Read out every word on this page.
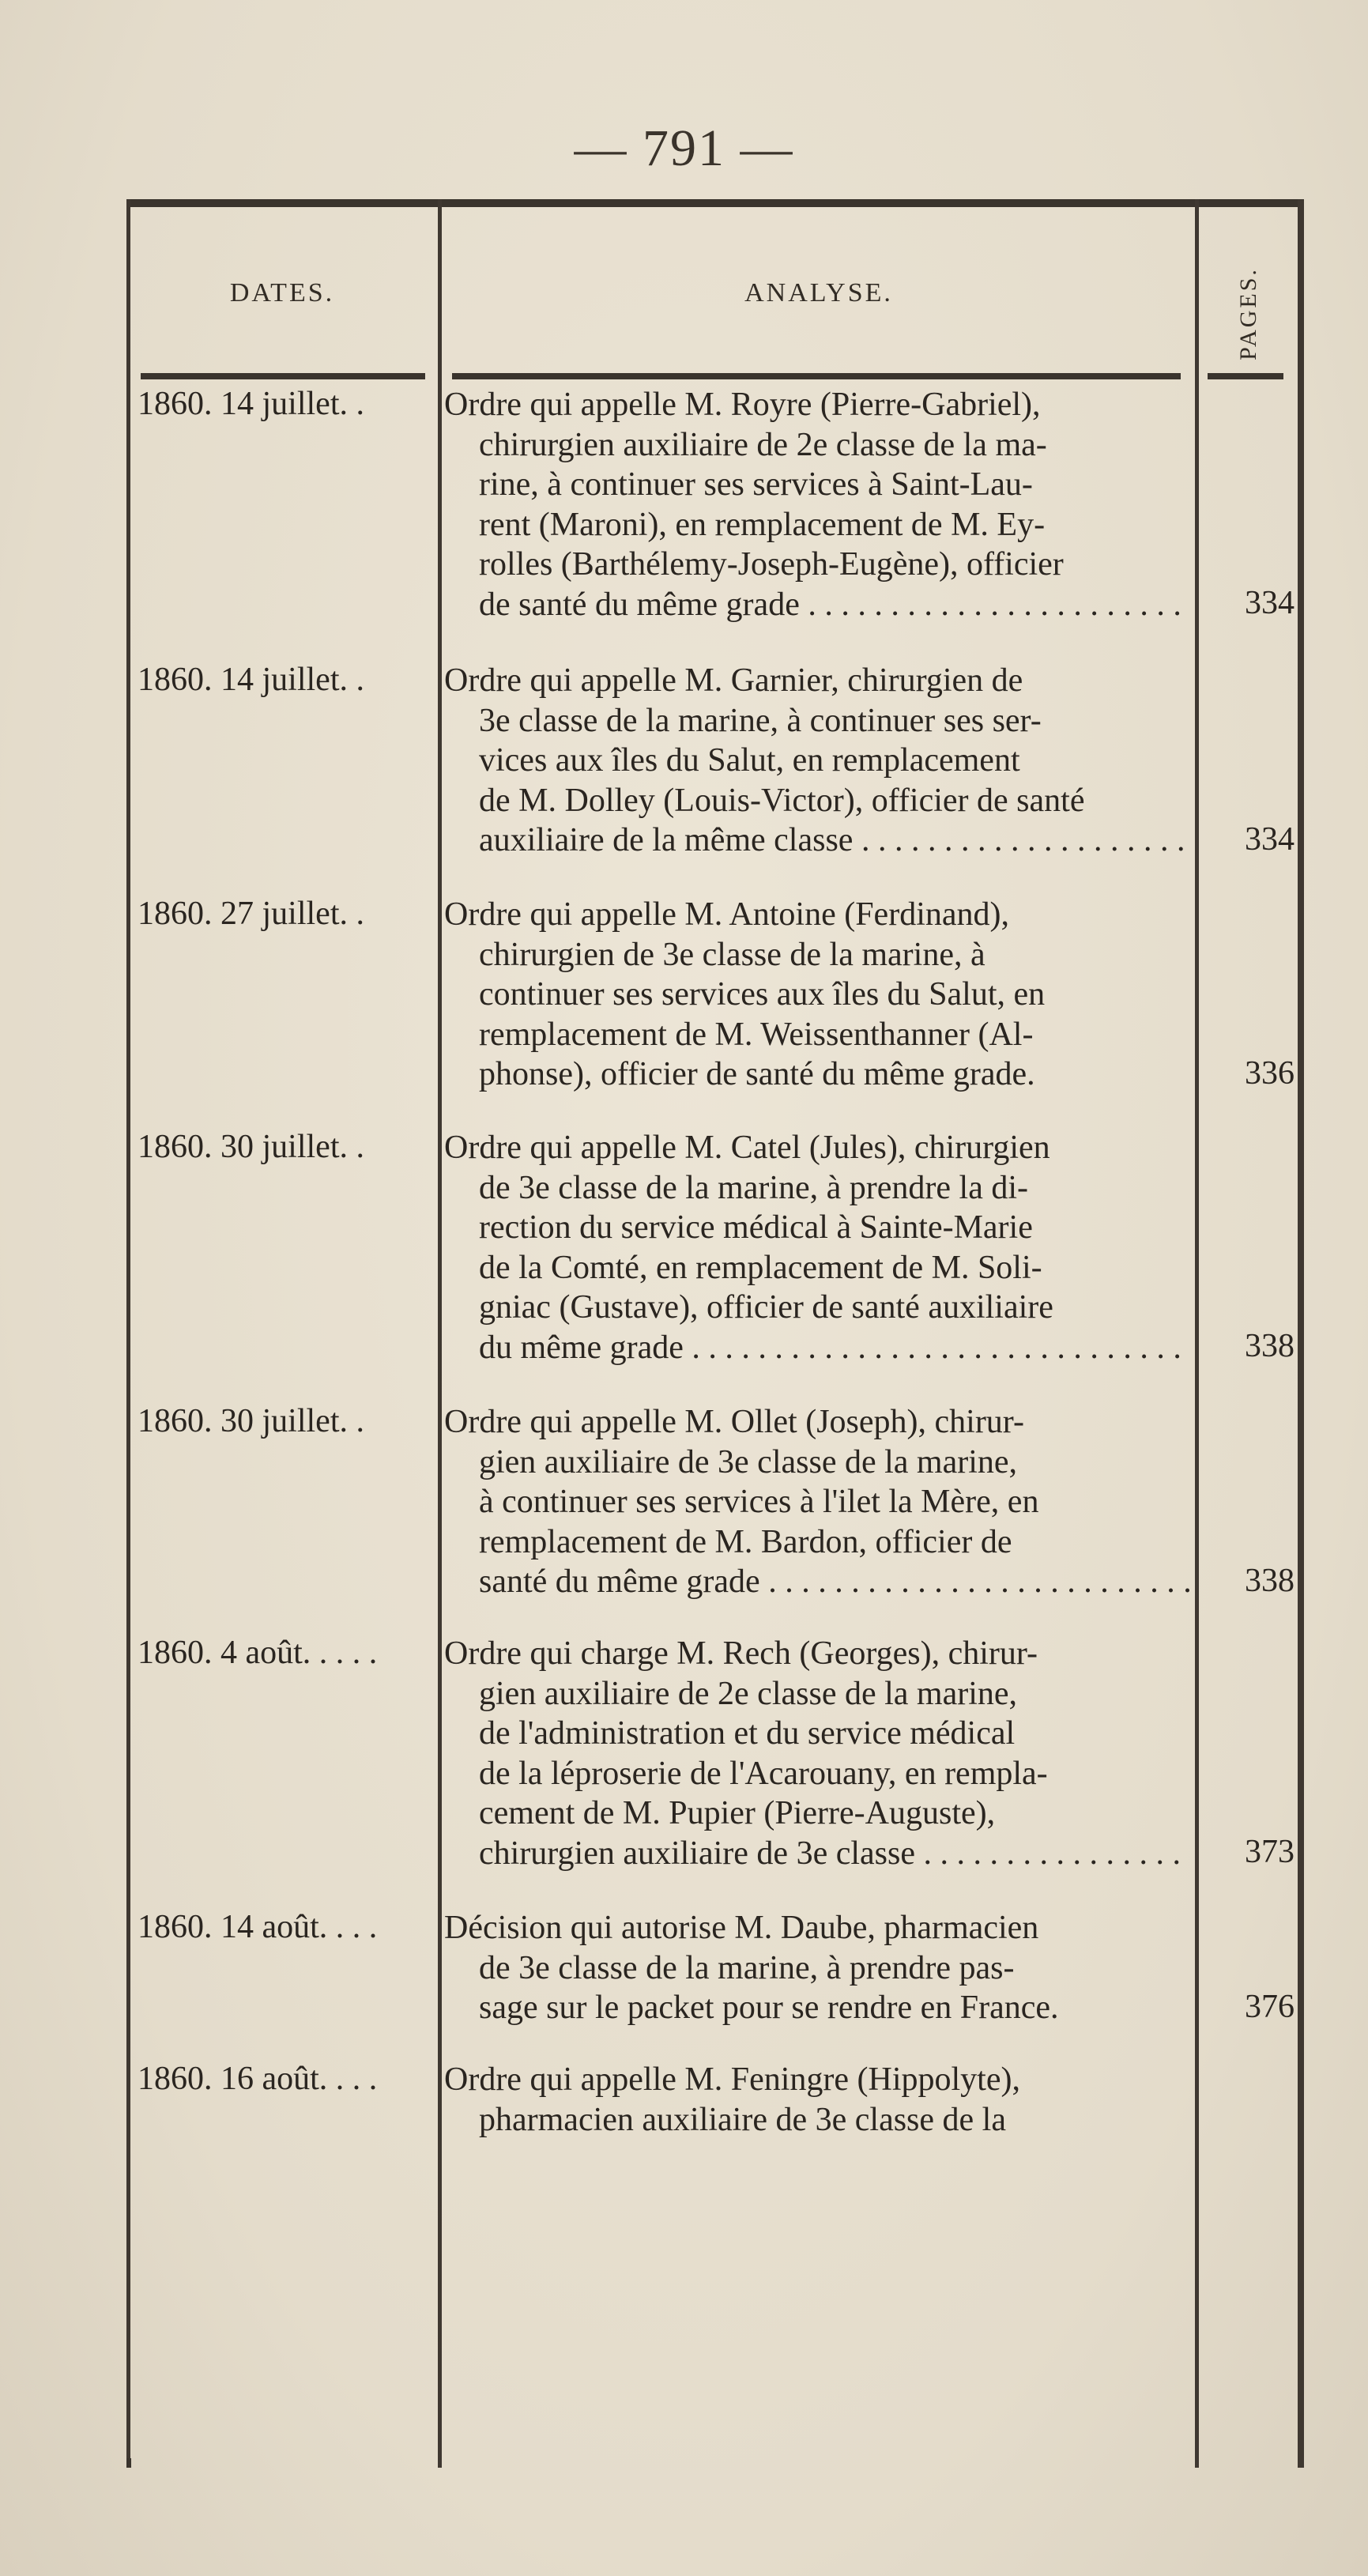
— 791 —
DATES.	ANALYSE.	PAGES.
1860. 14 juillet. .	Ordre qui appelle M. Royre (Pierre-Gabriel),
chirurgien auxiliaire de 2e classe de la ma-
rine, à continuer ses services à Saint-Lau-
rent (Maroni), en remplacement de M. Ey-
rolles (Barthélemy-Joseph-Eugène), officier
de santé du même grade . . .	334
1860. 14 juillet. .	Ordre qui appelle M. Garnier, chirurgien de
3e classe de la marine, à continuer ses ser-
vices aux îles du Salut, en remplacement
de M. Dolley (Louis-Victor), officier de santé
auxiliaire de la même classe . . .	334
1860. 27 juillet. .	Ordre qui appelle M. Antoine (Ferdinand),
chirurgien de 3e classe de la marine, à
continuer ses services aux îles du Salut, en
remplacement de M. Weissenthanner (Al-
phonse), officier de santé du même grade.	336
1860. 30 juillet. .	Ordre qui appelle M. Catel (Jules), chirurgien
de 3e classe de la marine, à prendre la di-
rection du service médical à Sainte-Marie
de la Comté, en remplacement de M. Soli-
gniac (Gustave), officier de santé auxiliaire
du même grade . . .	338
1860. 30 juillet. .	Ordre qui appelle M. Ollet (Joseph), chirur-
gien auxiliaire de 3e classe de la marine,
à continuer ses services à l'ilet la Mère, en
remplacement de M. Bardon, officier de
santé du même grade . . .	338
1860. 4 août. . . . .	Ordre qui charge M. Rech (Georges), chirur-
gien auxiliaire de 2e classe de la marine,
de l'administration et du service médical
de la léproserie de l'Acarouany, en rempla-
cement de M. Pupier (Pierre-Auguste),
chirurgien auxiliaire de 3e classe . . .	373
1860. 14 août. . . .	Décision qui autorise M. Daube, pharmacien
de 3e classe de la marine, à prendre pas-
sage sur le packet pour se rendre en France.	376
1860. 16 août. . . .	Ordre qui appelle M. Feningre (Hippolyte),
pharmacien auxiliaire de 3e classe de la
